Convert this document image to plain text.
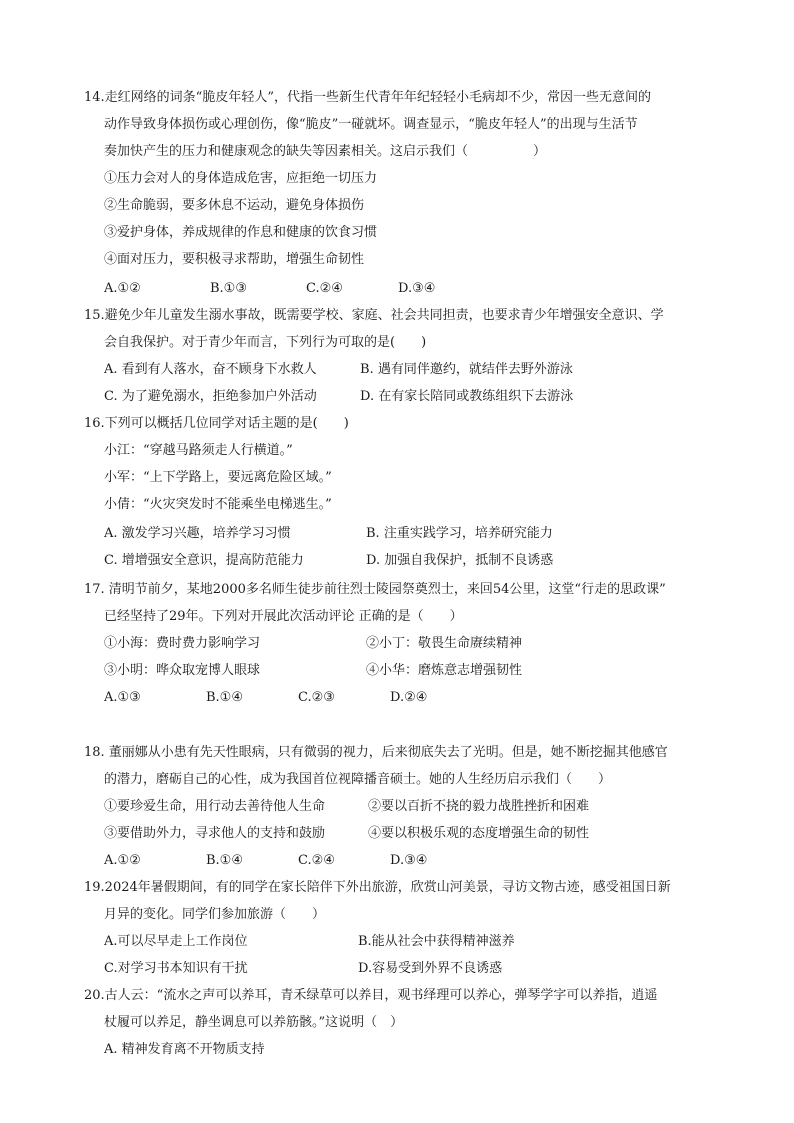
14.走红网络的词条“脆皮年轻人”，代指一些新生代青年年纪轻轻小毛病却不少，常因一些无意间的
动作导致身体损伤或心理创伤，像“脆皮”一碰就坏。调查显示，“脆皮年轻人”的出现与生活节
奏加快产生的压力和健康观念的缺失等因素相关。这启示我们（　　　　　）
①压力会对人的身体造成危害，应拒绝一切压力
②生命脆弱，要多休息不运动，避免身体损伤
③爱护身体，养成规律的作息和健康的饮食习惯
④面对压力，要积极寻求帮助，增强生命韧性
A.①②	B.①③	C.②④	D.③④
15.避免少年儿童发生溺水事故，既需要学校、家庭、社会共同担责，也要求青少年增强安全意识、学
会自我保护。对于青少年而言，下列行为可取的是(　　)
A. 看到有人落水，奋不顾身下水救人	B. 遇有同伴邀约，就结伴去野外游泳
C. 为了避免溺水，拒绝参加户外活动	D. 在有家长陪同或教练组织下去游泳
16.下列可以概括几位同学对话主题的是(　　)
小江：“穿越马路须走人行横道。”
小军：“上下学路上，要远离危险区域。”
小倩：“火灾突发时不能乘坐电梯逃生。”
A. 激发学习兴趣，培养学习习惯	B. 注重实践学习，培养研究能力
C. 增增强安全意识，提高防范能力	D. 加强自我保护，抵制不良诱惑
17. 清明节前夕，某地2000多名师生徒步前往烈士陵园祭奠烈士，来回54公里，这堂“行走的思政课”
已经坚持了29年。下列对开展此次活动评论 正确的是（　　）
①小海：费时费力影响学习	②小丁：敬畏生命赓续精神
③小明：哗众取宠博人眼球	④小华：磨炼意志增强韧性
A.①③	B.①④	C.②③	D.②④
18. 董丽娜从小患有先天性眼病，只有微弱的视力，后来彻底失去了光明。但是，她不断挖掘其他感官
的潜力，磨砺自己的心性，成为我国首位视障播音硕士。她的人生经历启示我们（　　）
①要珍爱生命，用行动去善待他人生命	②要以百折不挠的毅力战胜挫折和困难
③要借助外力，寻求他人的支持和鼓励	④要以积极乐观的态度增强生命的韧性
A.①②	B.①④	C.②④	D.③④
19.2024年暑假期间，有的同学在家长陪伴下外出旅游，欣赏山河美景，寻访文物古迹，感受祖国日新
月异的变化。同学们参加旅游（　　）
A.可以尽早走上工作岗位	B.能从社会中获得精神滋养
C.对学习书本知识有干扰	D.容易受到外界不良诱惑
20.古人云：“流水之声可以养耳，青禾绿草可以养目，观书绎理可以养心，弹琴学字可以养指，逍遥
杖履可以养足，静坐调息可以养筋骸。”这说明（　）
A. 精神发育离不开物质支持
